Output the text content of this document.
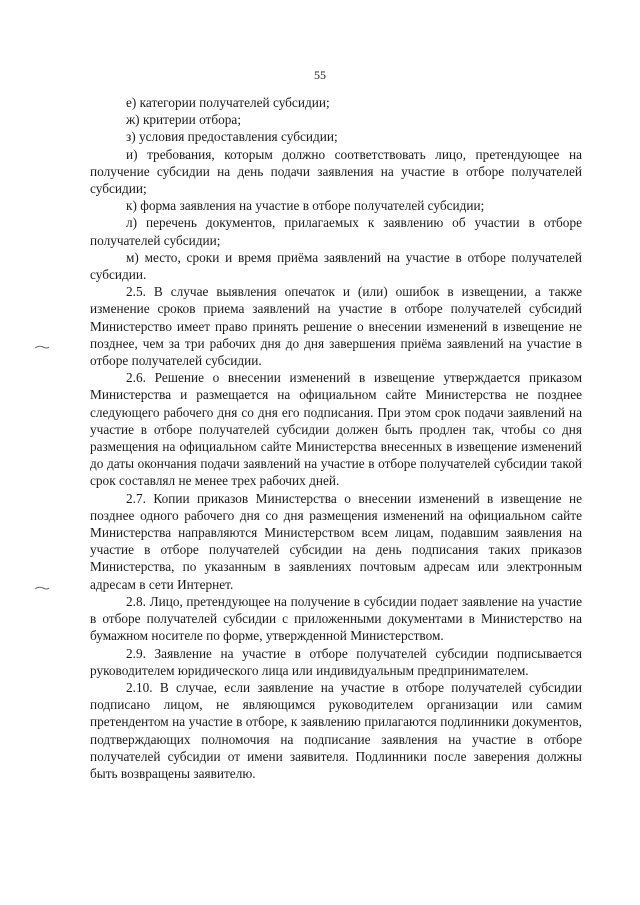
55

е) категории получателей субсидии;

ж) критерии отбора;

з) условия предоставления субсидии;

и) требования, которым должно соответствовать лицо, претендующее на получение субсидии на день подачи заявления на участие в отборе получателей субсидии;

к) форма заявления на участие в отборе получателей субсидии;

л) перечень документов, прилагаемых к заявлению об участии в отборе получателей субсидии;

м) место, сроки и время приёма заявлений на участие в отборе получателей субсидии.

2.5. В случае выявления опечаток и (или) ошибок в извещении, а также изменение сроков приема заявлений на участие в отборе получателей субсидий Министерство имеет право принять решение о внесении изменений в извещение не позднее, чем за три рабочих дня до дня завершения приёма заявлений на участие в отборе получателей субсидии.

2.6. Решение о внесении изменений в извещение утверждается приказом Министерства и размещается на официальном сайте Министерства не позднее следующего рабочего дня со дня его подписания. При этом срок подачи заявлений на участие в отборе получателей субсидии должен быть продлен так, чтобы со дня размещения на официальном сайте Министерства внесенных в извещение изменений до даты окончания подачи заявлений на участие в отборе получателей субсидии такой срок составлял не менее трех рабочих дней.

2.7. Копии приказов Министерства о внесении изменений в извещение не позднее одного рабочего дня со дня размещения изменений на официальном сайте Министерства направляются Министерством всем лицам, подавшим заявления на участие в отборе получателей субсидии на день подписания таких приказов Министерства, по указанным в заявлениях почтовым адресам или электронным адресам в сети Интернет.

2.8. Лицо, претендующее на получение в субсидии подает заявление на участие в отборе получателей субсидии с приложенными документами в Министерство на бумажном носителе по форме, утвержденной Министерством.

2.9. Заявление на участие в отборе получателей субсидии подписывается руководителем юридического лица или индивидуальным предпринимателем.

2.10. В случае, если заявление на участие в отборе получателей субсидии подписано лицом, не являющимся руководителем организации или самим претендентом на участие в отборе, к заявлению прилагаются подлинники документов, подтверждающих полномочия на подписание заявления на участие в отборе получателей субсидии от имени заявителя. Подлинники после заверения должны быть возвращены заявителю.
